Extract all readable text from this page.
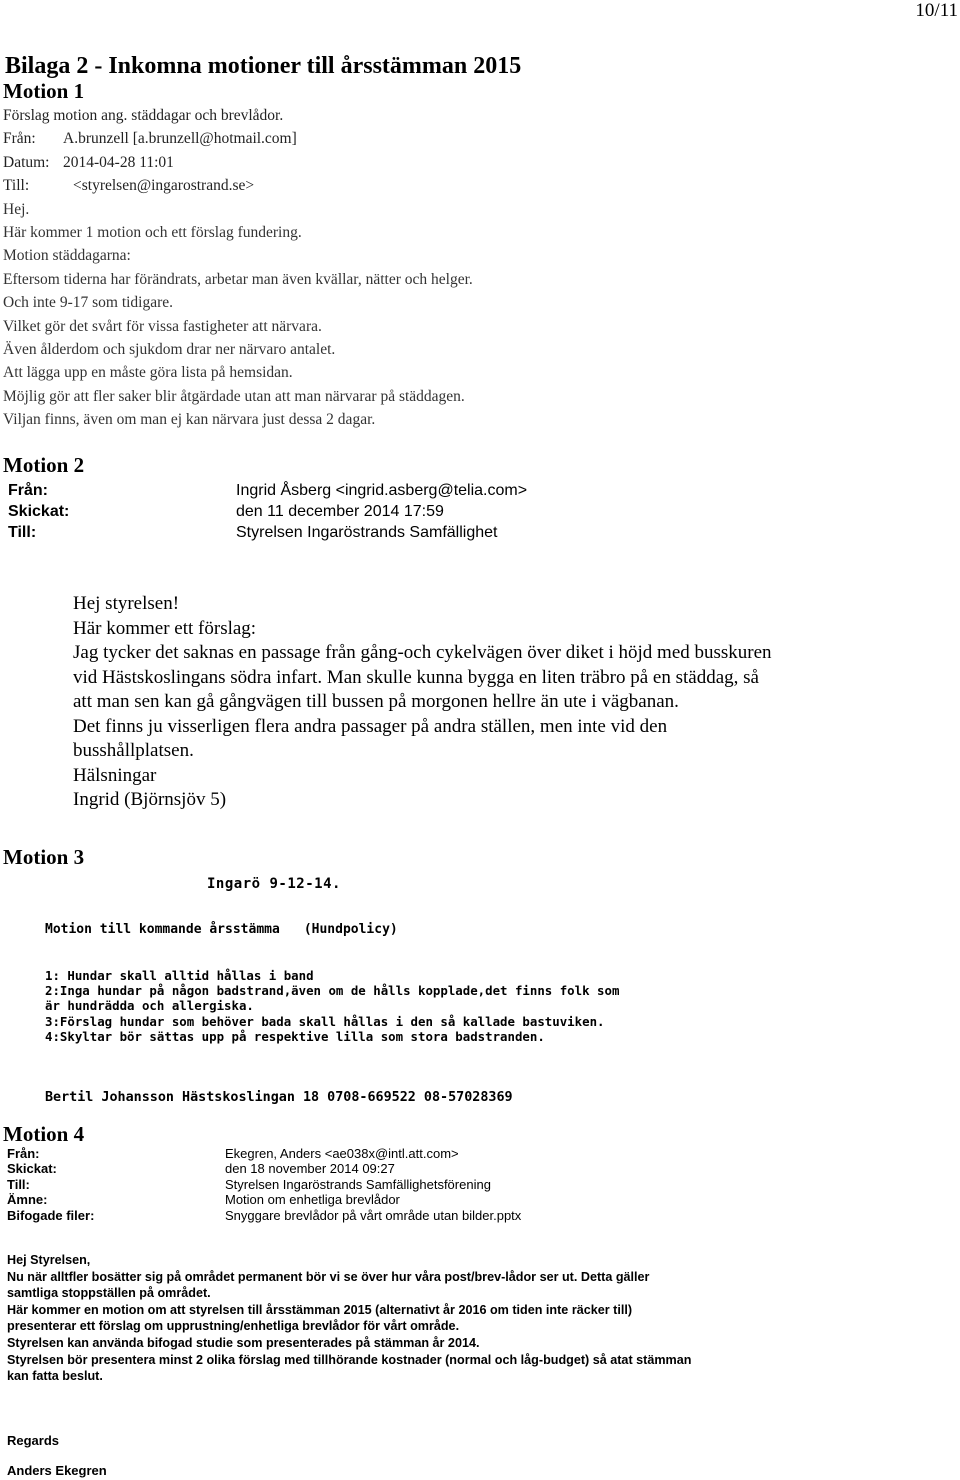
10/11
Bilaga 2 - Inkomna motioner till årsstämman 2015
Motion 1
Förslag motion ang. städdagar och brevlådor.
Från: A.brunzell [a.brunzell@hotmail.com]
Datum: 2014-04-28 11:01
Till:	<styrelsen@ingarostrand.se>
Hej.
Här kommer 1 motion och ett förslag fundering.
Motion städdagarna:
Eftersom tiderna har förändrats, arbetar man även kvällar, nätter och helger.
Och inte 9-17 som tidigare.
Vilket gör det svårt för vissa fastigheter att närvara.
Även ålderdom och sjukdom drar ner närvaro antalet.
Att lägga upp en måste göra lista på hemsidan.
Möjlig gör att fler saker blir åtgärdade utan att man närvarar på städdagen.
Viljan finns, även om man ej kan närvara just dessa 2 dagar.
Motion 2
Från:	Ingrid Åsberg <ingrid.asberg@telia.com>
Skickat:	den 11 december 2014 17:59
Till:	Styrelsen Ingaröstrands Samfällighet
Hej styrelsen!
Här kommer ett förslag:
Jag tycker det saknas en passage från gång-och cykelvägen över diket i höjd med busskuren
vid Hästskoslingans södra infart. Man skulle kunna bygga en liten träbro på en städdag, så
att man sen kan gå gångvägen till bussen på morgonen hellre än ute i vägbanan.
Det finns ju visserligen flera andra passager på andra ställen, men inte vid den
busshållplatsen.
Hälsningar
Ingrid (Björnsjöv 5)
Motion 3
Ingarö 9-12-14.
Motion till kommande årsstämma (Hundpolicy)
1: Hundar skall alltid hållas i band
2:Inga hundar på någon badstrand,även om de hålls kopplade,det finns folk som
är hundrädda och allergiska.
3:Förslag hundar som behöver bada skall hållas i den så kallade bastuviken.
4:Skyltar bör sättas upp på respektive lilla som stora badstranden.
Bertil Johansson Hästskoslingan 18 0708-669522 08-57028369
Motion 4
Från:	Ekegren, Anders <ae038x@intl.att.com>
Skickat:	den 18 november 2014 09:27
Till:	Styrelsen Ingaröstrands Samfällighetsförening
Ämne:	Motion om enhetliga brevlådor
Bifogade filer:	Snyggare brevlådor på vårt område utan bilder.pptx
Hej Styrelsen,
Nu när alltfler bosätter sig på området permanent bör vi se över hur våra post/brev-lådor ser ut. Detta gäller
samtliga stoppställen på området.
Här kommer en motion om att styrelsen till årsstämman 2015 (alternativt år 2016 om tiden inte räcker till)
presenterar ett förslag om upprustning/enhetliga brevlådor för vårt område.
Styrelsen kan använda bifogad studie som presenterades på stämman år 2014.
Styrelsen bör presentera minst 2 olika förslag med tillhörande kostnader (normal och låg-budget) så atat stämman
kan fatta beslut.
Regards
Anders Ekegren
